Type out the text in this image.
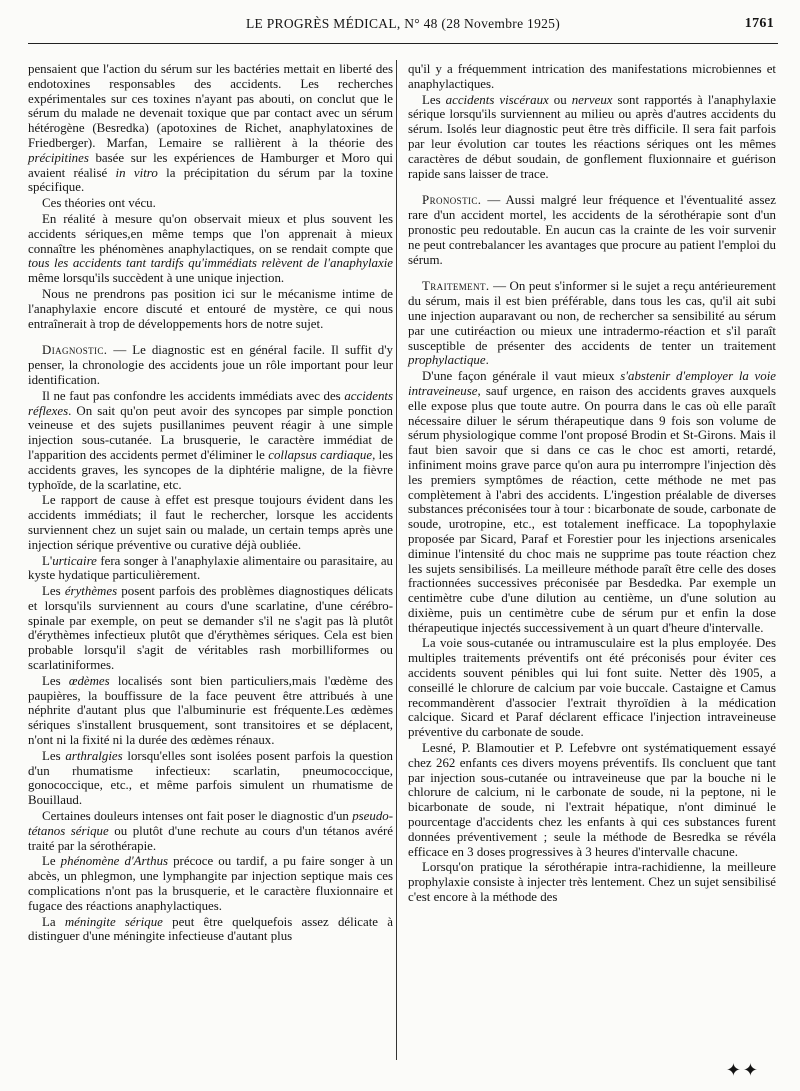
LE PROGRÈS MÉDICAL, N° 48 (28 Novembre 1925)	1761

pensaient que l'action du sérum sur les bactéries mettait en liberté des endotoxines responsables des accidents. Les recherches expérimentales sur ces toxines n'ayant pas abouti, on conclut que le sérum du malade ne devenait toxique que par contact avec un sérum hétérogène (Besredka) (apotoxines de Richet, anaphylatoxines de Friedberger). Marfan, Lemaire se rallièrent à la théorie des précipitines basée sur les expériences de Hamburger et Moro qui avaient réalisé in vitro la précipitation du sérum par la toxine spécifique.

Ces théories ont vécu.

En réalité à mesure qu'on observait mieux et plus souvent les accidents sériques,en même temps que l'on apprenait à mieux connaître les phénomènes anaphylactiques, on se rendait compte que tous les accidents tant tardifs qu'immédiats relèvent de l'anaphylaxie même lorsqu'ils succèdent à une unique injection.

Nous ne prendrons pas position ici sur le mécanisme intime de l'anaphylaxie encore discuté et entouré de mystère, ce qui nous entraînerait à trop de développements hors de notre sujet.

Diagnostic. — Le diagnostic est en général facile. Il suffit d'y penser, la chronologie des accidents joue un rôle important pour leur identification.

Il ne faut pas confondre les accidents immédiats avec des accidents réflexes. On sait qu'on peut avoir des syncopes par simple ponction veineuse et des sujets pusillanimes peuvent réagir à une simple injection sous-cutanée. La brusquerie, le caractère immédiat de l'apparition des accidents permet d'éliminer le collapsus cardiaque, les accidents graves, les syncopes de la diphtérie maligne, de la fièvre typhoïde, de la scarlatine, etc.

Le rapport de cause à effet est presque toujours évident dans les accidents immédiats; il faut le rechercher, lorsque les accidents surviennent chez un sujet sain ou malade, un certain temps après une injection sérique préventive ou curative déjà oubliée.

L'urticaire fera songer à l'anaphylaxie alimentaire ou parasitaire, au kyste hydatique particulièrement.

Les érythèmes posent parfois des problèmes diagnostiques délicats et lorsqu'ils surviennent au cours d'une scarlatine, d'une cérébro-spinale par exemple, on peut se demander s'il ne s'agit pas là plutôt d'érythèmes infectieux plutôt que d'érythèmes sériques. Cela est bien probable lorsqu'il s'agit de véritables rash morbilliformes ou scarlatiniformes.

Les œdèmes localisés sont bien particuliers,mais l'œdème des paupières, la bouffissure de la face peuvent être attribués à une néphrite d'autant plus que l'albuminurie est fréquente.Les œdèmes sériques s'installent brusquement, sont transitoires et se déplacent, n'ont ni la fixité ni la durée des œdèmes rénaux.

Les arthralgies lorsqu'elles sont isolées posent parfois la question d'un rhumatisme infectieux: scarlatin, pneumococcique, gonococcique, etc., et même parfois simulent un rhumatisme de Bouillaud.

Certaines douleurs intenses ont fait poser le diagnostic d'un pseudo-tétanos sérique ou plutôt d'une rechute au cours d'un tétanos avéré traité par la sérothérapie.

Le phénomène d'Arthus précoce ou tardif, a pu faire songer à un abcès, un phlegmon, une lymphangite par injection septique mais ces complications n'ont pas la brusquerie, et le caractère fluxionnaire et fugace des réactions anaphylactiques.

La méningite sérique peut être quelquefois assez délicate à distinguer d'une méningite infectieuse d'autant plus

qu'il y a fréquemment intrication des manifestations microbiennes et anaphylactiques.

Les accidents viscéraux ou nerveux sont rapportés à l'anaphylaxie sérique lorsqu'ils surviennent au milieu ou après d'autres accidents du sérum. Isolés leur diagnostic peut être très difficile. Il sera fait parfois par leur évolution car toutes les réactions sériques ont les mêmes caractères de début soudain, de gonflement fluxionnaire et guérison rapide sans laisser de trace.

Pronostic. — Aussi malgré leur fréquence et l'éventualité assez rare d'un accident mortel, les accidents de la sérothérapie sont d'un pronostic peu redoutable. En aucun cas la crainte de les voir survenir ne peut contrebalancer les avantages que procure au patient l'emploi du sérum.

Traitement. — On peut s'informer si le sujet a reçu antérieurement du sérum, mais il est bien préférable, dans tous les cas, qu'il ait subi une injection auparavant ou non, de rechercher sa sensibilité au sérum par une cutiréaction ou mieux une intradermo-réaction et s'il paraît susceptible de présenter des accidents de tenter un traitement prophylactique.

D'une façon générale il vaut mieux s'abstenir d'employer la voie intraveineuse, sauf urgence, en raison des accidents graves auxquels elle expose plus que toute autre. On pourra dans le cas où elle paraît nécessaire diluer le sérum thérapeutique dans 9 fois son volume de sérum physiologique comme l'ont proposé Brodin et St-Girons. Mais il faut bien savoir que si dans ce cas le choc est amorti, retardé, infiniment moins grave parce qu'on aura pu interrompre l'injection dès les premiers symptômes de réaction, cette méthode ne met pas complètement à l'abri des accidents. L'ingestion préalable de diverses substances préconisées tour à tour : bicarbonate de soude, carbonate de soude, urotropine, etc., est totalement inefficace. La topophylaxie proposée par Sicard, Paraf et Forestier pour les injections arsenicales diminue l'intensité du choc mais ne supprime pas toute réaction chez les sujets sensibilisés. La meilleure méthode paraît être celle des doses fractionnées successives préconisée par Besdedka. Par exemple un centimètre cube d'une dilution au centième, un d'une solution au dixième, puis un centimètre cube de sérum pur et enfin la dose thérapeutique injectés successivement à un quart d'heure d'intervalle.

La voie sous-cutanée ou intramusculaire est la plus employée. Des multiples traitements préventifs ont été préconisés pour éviter ces accidents souvent pénibles qui lui font suite. Netter dès 1905, a conseillé le chlorure de calcium par voie buccale. Castaigne et Camus recommandèrent d'associer l'extrait thyroïdien à la médication calcique. Sicard et Paraf déclarent efficace l'injection intraveineuse préventive du carbonate de soude.

Lesné, P. Blamoutier et P. Lefebvre ont systématiquement essayé chez 262 enfants ces divers moyens préventifs. Ils concluent que tant par injection sous-cutanée ou intraveineuse que par la bouche ni le chlorure de calcium, ni le carbonate de soude, ni la peptone, ni le bicarbonate de soude, ni l'extrait hépatique, n'ont diminué le pourcentage d'accidents chez les enfants à qui ces substances furent données préventivement ; seule la méthode de Besredka se révéla efficace en 3 doses progressives à 3 heures d'intervalle chacune.

Lorsqu'on pratique la sérothérapie intra-rachidienne, la meilleure prophylaxie consiste à injecter très lentement. Chez un sujet sensibilisé c'est encore à la méthode des

✦✦
